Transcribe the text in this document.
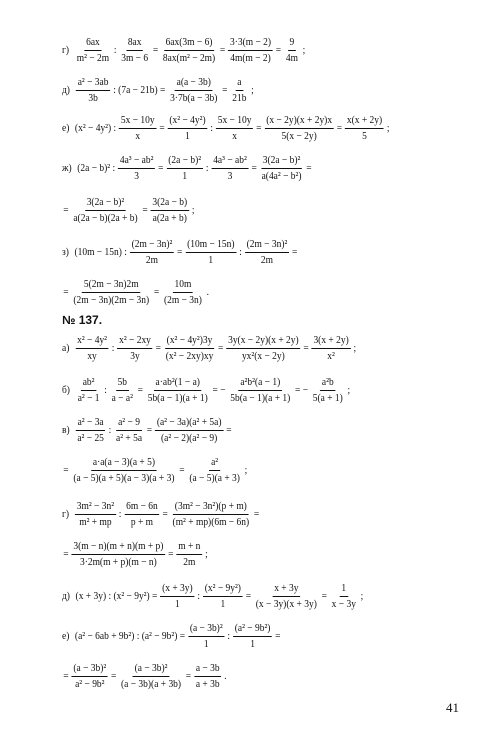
$г) \frac{6ax}{\text{m² − 2m}}$ : $\frac{8ax}{3m - 6} = \frac{6ax(3m - 6)}{\text{8ax(m² − 2m)}} = \frac{3\cdot 3(m - 2)}{4m(m - 2)} = \frac{9}{4m}$ ;
$д) \frac{\text{a² − 3ab}}{3b}$ : $(7a - 21b) = \frac{a(a - 3b)}{3\cdot 7b(a - 3b)} = \frac{a}{21b}$ ;
е) (x² − 4y²) : $\frac{5x - 10y}{x} = \frac{\text{(x² − 4y²)}}{1}$ : $\frac{5x - 10y}{x} = \frac{(x - 2y)(x + 2y)x}{5(x - 2y)} = \frac{x(x + 2y)}{5}$ ;
ж) (2a − b)² : $\frac{\text{4a³ − ab²}}{3} = \frac{\text{(2a − b)²}}{1}$ : $\frac{\text{4a³ − ab²}}{3} = \frac{\text{3(2a − b)²}}{\text{a(4a² − b²)}}$ =
= $\frac{\text{3(2a − b)²}}{a(2a - b)(2a + b)} = \frac{3(2a - b)}{a(2a + b)}$ ;
з) (10m − 15n) : $\frac{\text{(2m − 3n)²}}{2m} = \frac{(10m - 15n)}{1}$ : $\frac{\text{(2m − 3n)²}}{2m}$ =
= $\frac{5(2m - 3n)2m}{(2m - 3n)(2m - 3n)} = \frac{10m}{(2m - 3n)}$ .
№ 137.
$а) \frac{\text{x² − 4y²}}{xy}$ : $\frac{\text{x² − 2xy}}{3y} = \frac{\text{(x² − 4y²)3y}}{\text{(x² − 2xy)xy}} = \frac{3y(x - 2y)(x + 2y)}{\text{yx²(x − 2y)}} = \frac{3(x + 2y)}{\text{x²}}$ ;
$б) \frac{\text{ab²}}{\text{a² − 1}}$ : $\frac{5b}{\text{a − a²}} = \frac{\text{a·ab²(1 − a)}}{5b(a - 1)(a + 1)}$ = − $\frac{\text{a²b²(a − 1)}}{5b(a - 1)(a + 1)}$ = − $\frac{\text{a²b}}{5(a + 1)}$ ;
$в) \frac{\text{a² − 3a}}{\text{a² − 25}}$ : $\frac{\text{a² − 9}}{\text{a² + 5a}} = \frac{\text{(a² − 3a)(a² + 5a)}}{\text{(a² − 2)(a² − 9)}}$ =
= $\frac{a\cdot a(a - 3)(a + 5)}{(a - 5)(a + 5)(a - 3)(a + 3)} = \frac{\text{a²}}{(a - 5)(a + 3)}$ ;
$г) \frac{\text{3m² − 3n²}}{\text{m² + mp}}$ : $\frac{6m - 6n}{p + m} = \frac{\text{(3m² − 3n²)(p + m)}}{\text{(m² + mp)(6m − 6n)}}$ =
= $\frac{3(m - n)(m + n)(m + p)}{3\cdot 2m(m + p)(m - n)} = \frac{m + n}{2m}$ ;
д) (x + 3y) : $(x^2 - 9y^2) = \frac{(x + 3y)}{1}$ : $\frac{\text{(x² − 9y²)}}{1} = \frac{x + 3y}{(x - 3y)(x + 3y)} = \frac{1}{x - 3y}$ ;
е) (a² − 6ab + 9b²) : $(a^2 - 9b^2) = \frac{\text{(a − 3b)²}}{1}$ : $\frac{\text{(a² − 9b²)}}{1}$ =
= $\frac{\text{(a − 3b)²}}{\text{a² − 9b²}} = \frac{\text{(a − 3b)²}}{(a - 3b)(a + 3b)} = \frac{a - 3b}{a + 3b}$ .
41
